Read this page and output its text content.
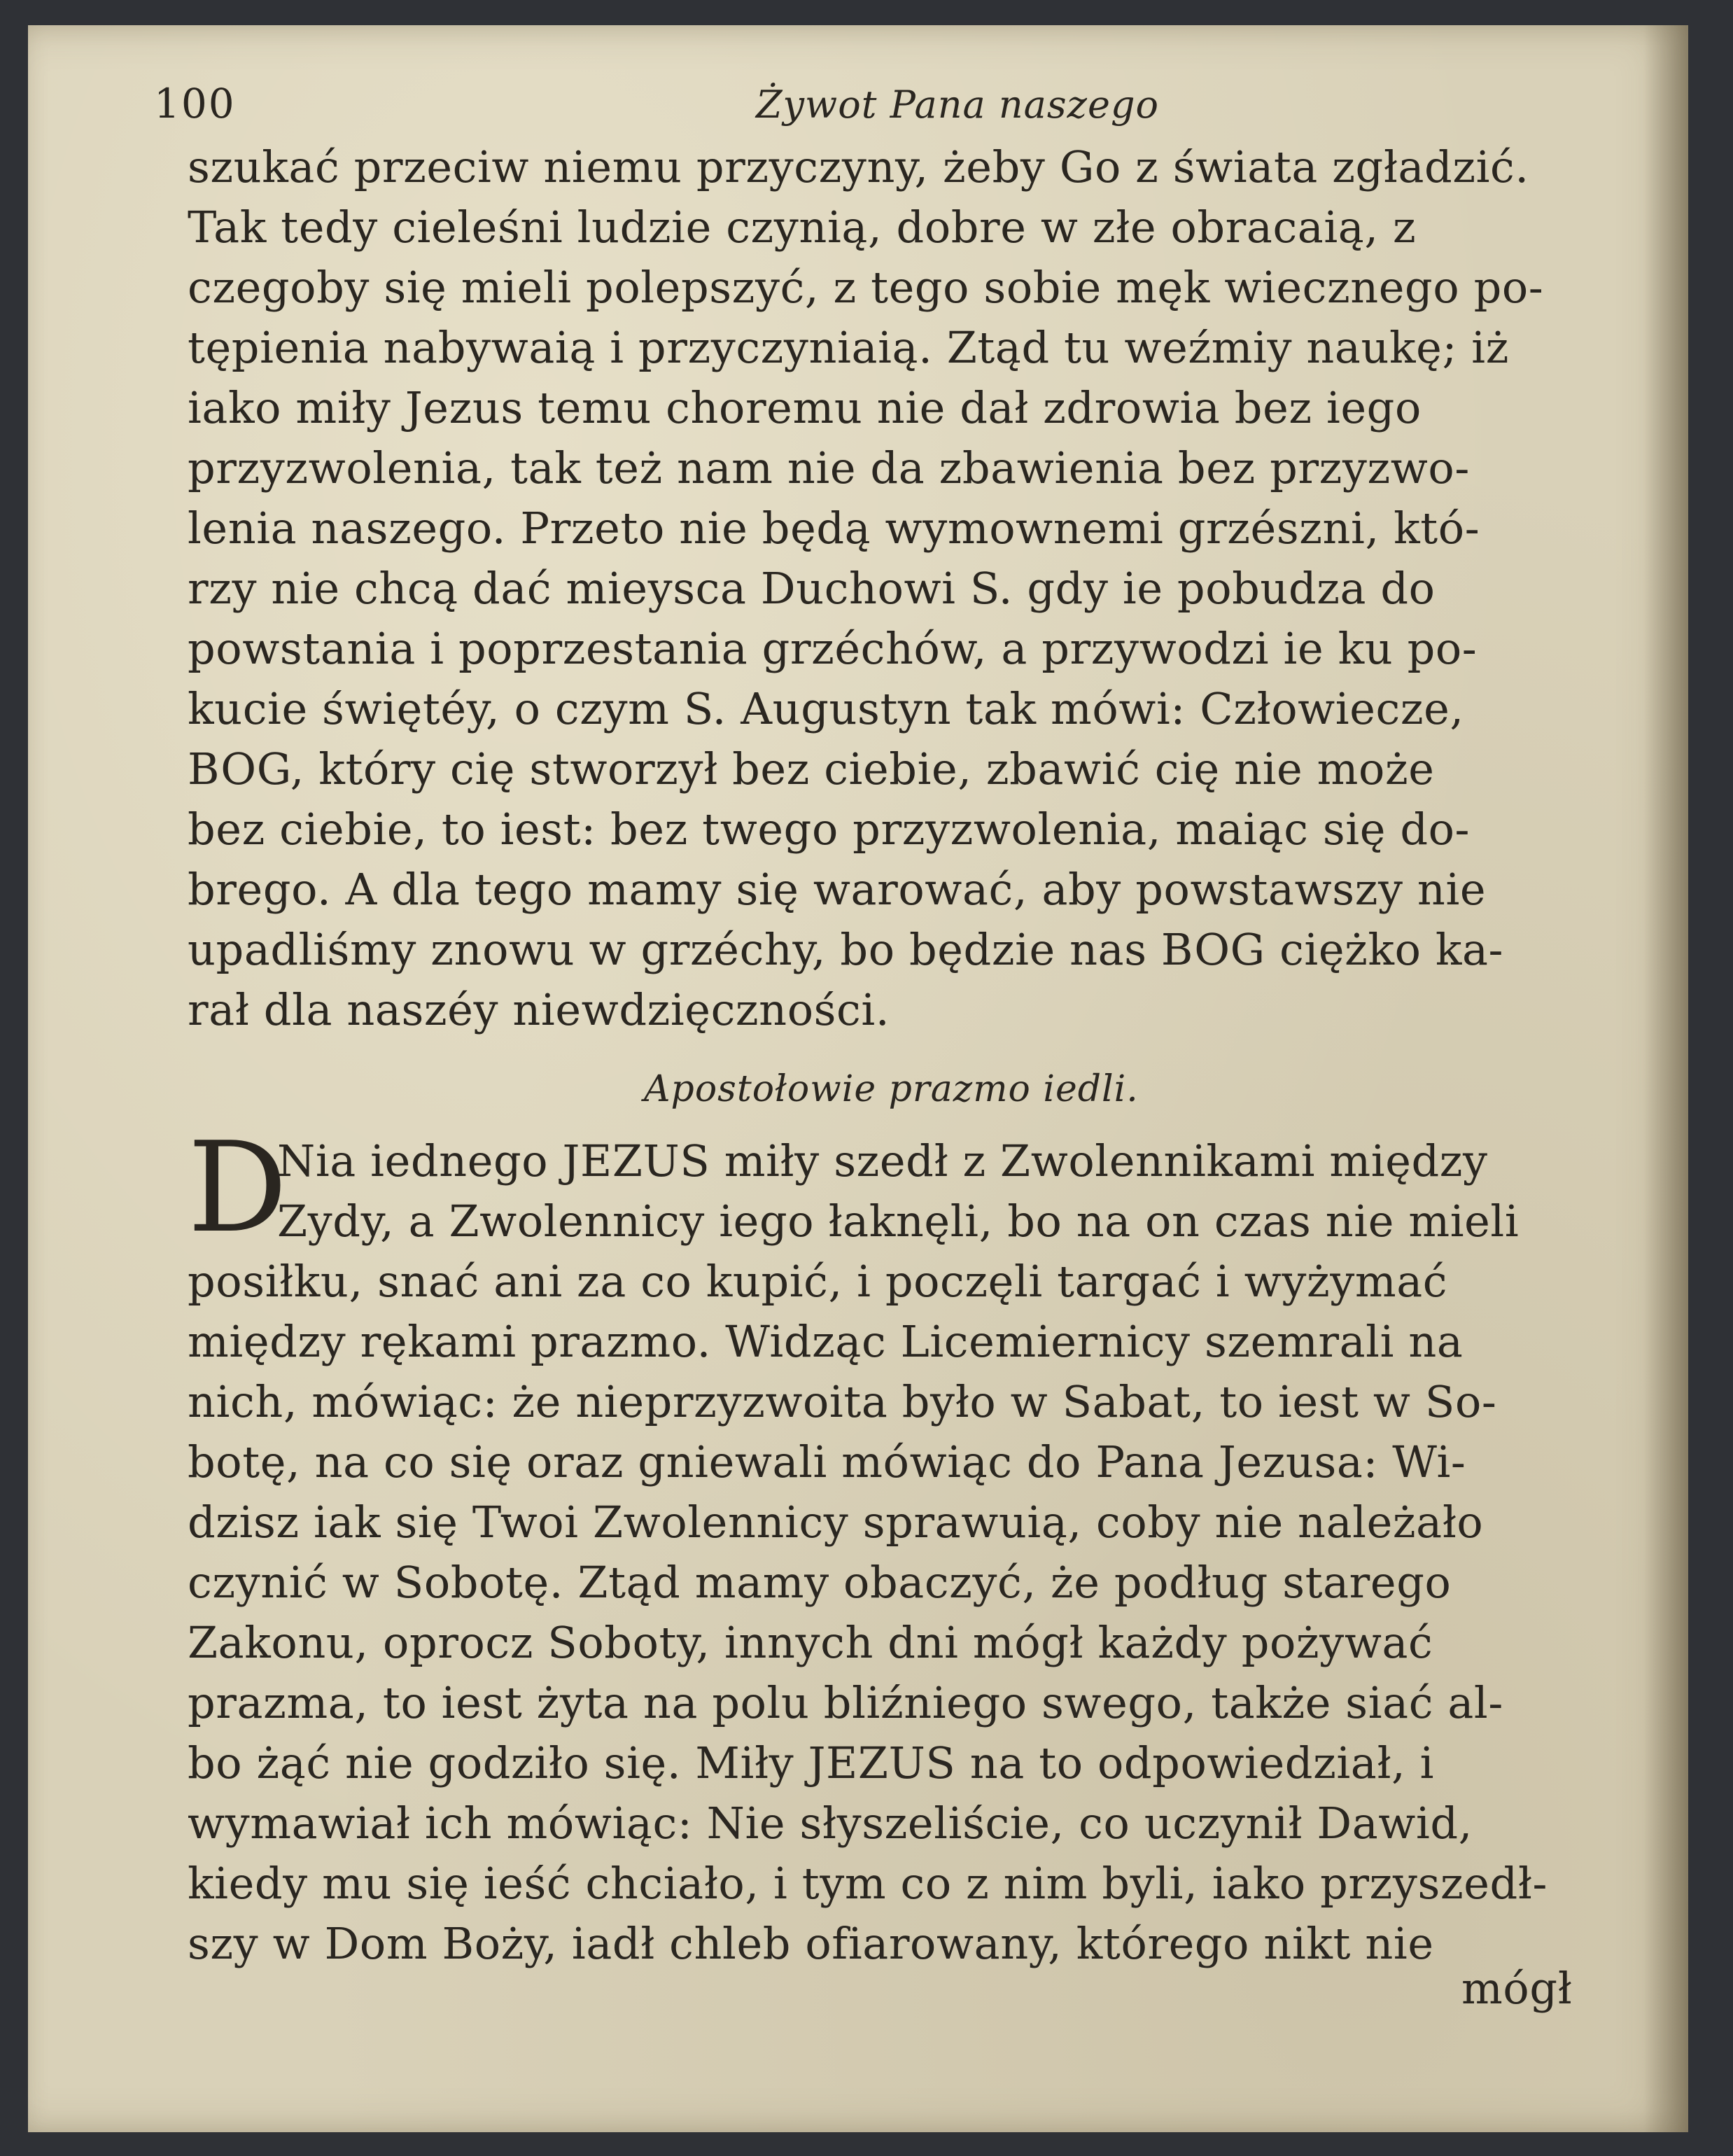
100	Żywot Pana naszego
szukać przeciw niemu przyczyny, żeby Go z świata zgładzić.
Tak tedy cieleśni ludzie czynią, dobre w złe obracaią, z
czegoby się mieli polepszyć, z tego sobie męk wiecznego po-
tępienia nabywaią i przyczyniaią. Ztąd tu weźmiy naukę; iż
iako miły Jezus temu choremu nie dał zdrowia bez iego
przyzwolenia, tak też nam nie da zbawienia bez przyzwo-
lenia naszego. Przeto nie będą wymownemi grzészni, któ-
rzy nie chcą dać mieysca Duchowi S. gdy ie pobudza do
powstania i poprzestania grzéchów, a przywodzi ie ku po-
kucie świętéy, o czym S. Augustyn tak mówi: Człowiecze,
BOG, który cię stworzył bez ciebie, zbawić cię nie może
bez ciebie, to iest: bez twego przyzwolenia, maiąc się do-
brego. A dla tego mamy się warować, aby powstawszy nie
upadliśmy znowu w grzéchy, bo będzie nas BOG ciężko ka-
rał dla naszéy niewdzięczności.
Apostołowie prazmo iedli.
D
Nia iednego JEZUS miły szedł z Zwolennikami między
Zydy, a Zwolennicy iego łaknęli, bo na on czas nie mieli
posiłku, snać ani za co kupić, i poczęli targać i wyżymać
między rękami prazmo. Widząc Licemiernicy szemrali na
nich, mówiąc: że nieprzyzwoita było w Sabat, to iest w So-
botę, na co się oraz gniewali mówiąc do Pana Jezusa: Wi-
dzisz iak się Twoi Zwolennicy sprawuią, coby nie należało
czynić w Sobotę. Ztąd mamy obaczyć, że podług starego
Zakonu, oprocz Soboty, innych dni mógł każdy pożywać
prazma, to iest żyta na polu bliźniego swego, także siać al-
bo żąć nie godziło się. Miły JEZUS na to odpowiedział, i
wymawiał ich mówiąc: Nie słyszeliście, co uczynił Dawid,
kiedy mu się ieść chciało, i tym co z nim byli, iako przyszedł-
szy w Dom Boży, iadł chleb ofiarowany, którego nikt nie
mógł
